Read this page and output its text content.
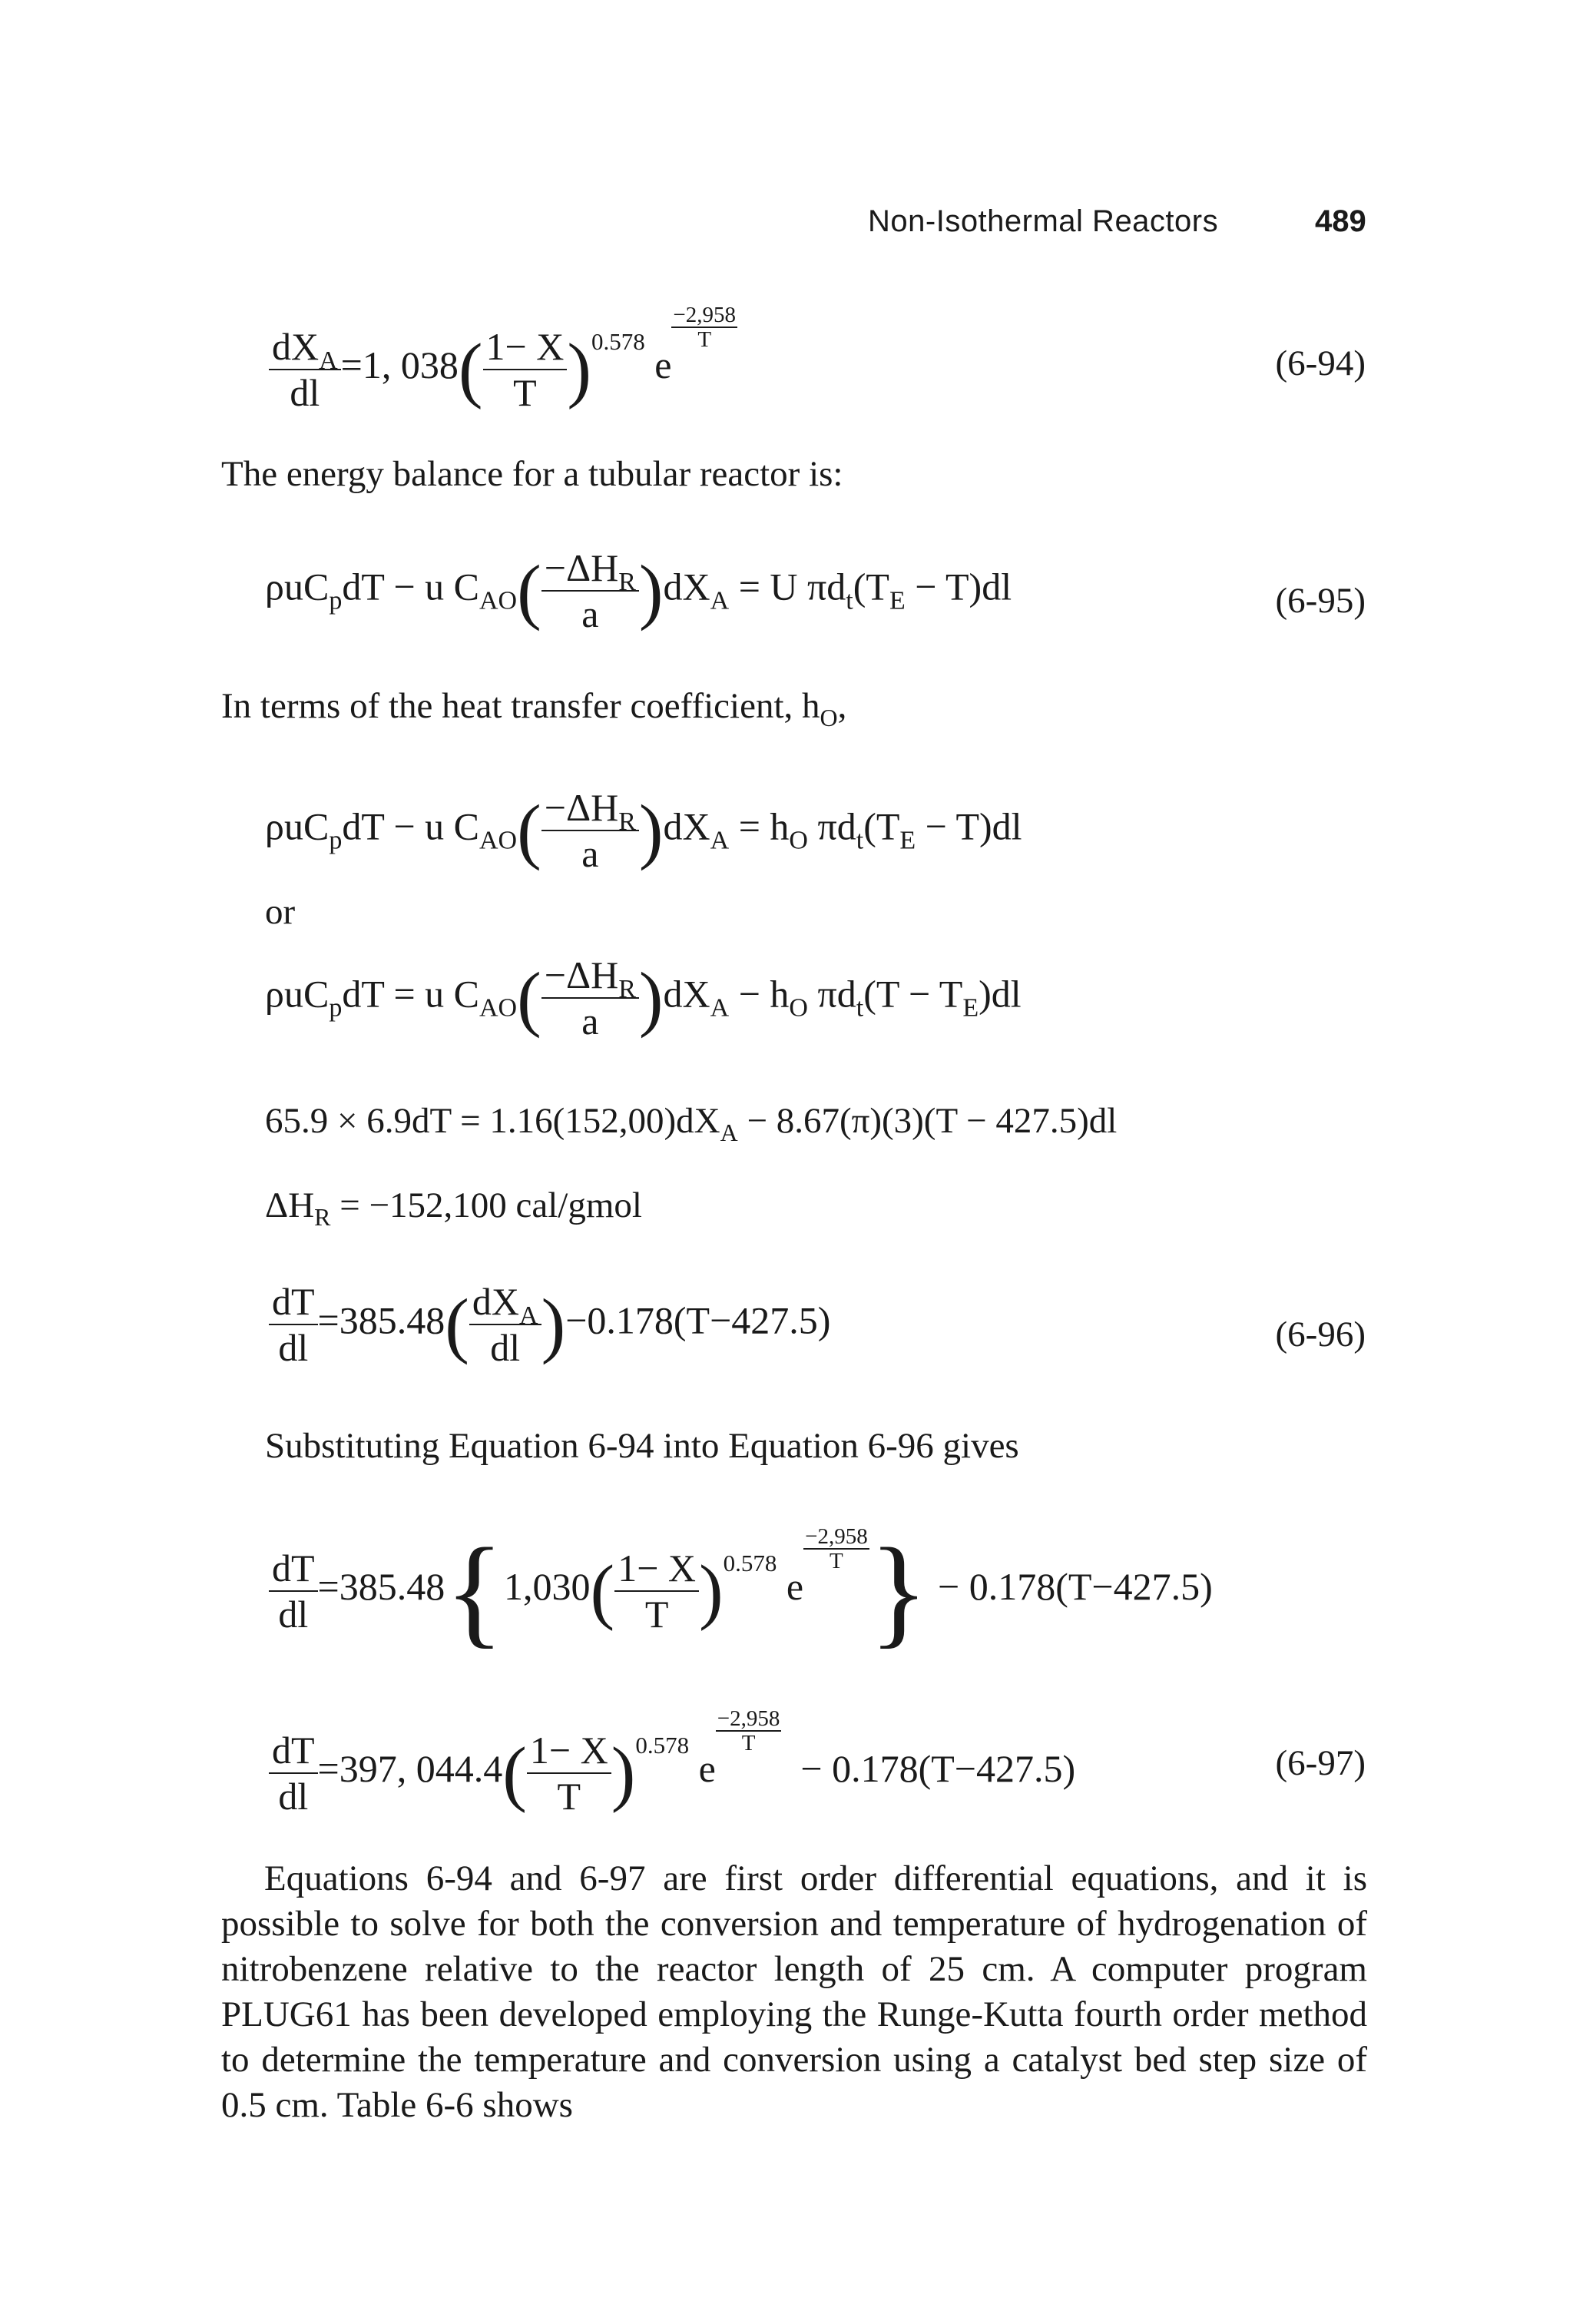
Non-Isothermal Reactors	489
$\frac{dX_A}{dl} =1$, $038( \frac{1- X}{T} )^{0.578}$ e
$\frac{-2,958}{T}$
(6-94)
The energy balance for a tubular reactor is:
ρuC$_p$dT − u $C_{AO}( \frac{-\Delta H_R}{a} )dX_A = U$ $\pi d_t(T_E - T)dl$	(6-95)
In terms of the heat transfer coefficient, $h_O$,
ρuC$_p$dT − u $C_{AO}( \frac{-\Delta H_R}{a} )dX_A = h_O$ $\pi d_t(T_E - T)dl$
or
ρuC$_p$dT = u $C_{AO}( \frac{-\Delta H_R}{a} )dX_A - h_O$ $\pi d_t(T - T_E)dl$
$65.9 \times 6.9dT = 1.16(152,00)dX_A - 8.67(\pi)(3)(T - 427.5)dl$
$\Delta H_R = -152,100$ cal/gmol
$\frac{dT}{dl} =385.48( \frac{dX_A}{dl} )-0.178(T-427.5)$	(6-96)
Substituting Equation 6-94 into Equation 6-96 gives
$\frac{dT}{dl} =385.48\{1,030( \frac{1- X}{T} )^{0.578}$ e
$\frac{-2,958}{T}$ } − 0.178(T−427.5)
$\frac{dT}{dl} =397$, $044.4( \frac{1- X}{T} )^{0.578}$ e
$\frac{-2,958}{T}$
− 0.178(T−427.5)	(6-97)

Equations 6-94 and 6-97 are first order differential equations, and it is possible to solve for both the conversion and temperature of hydrogenation of nitrobenzene relative to the reactor length of 25 cm. A computer program PLUG61 has been developed employing the Runge-Kutta fourth order method to determine the temperature and conversion using a catalyst bed step size of 0.5 cm. Table 6-6 shows
